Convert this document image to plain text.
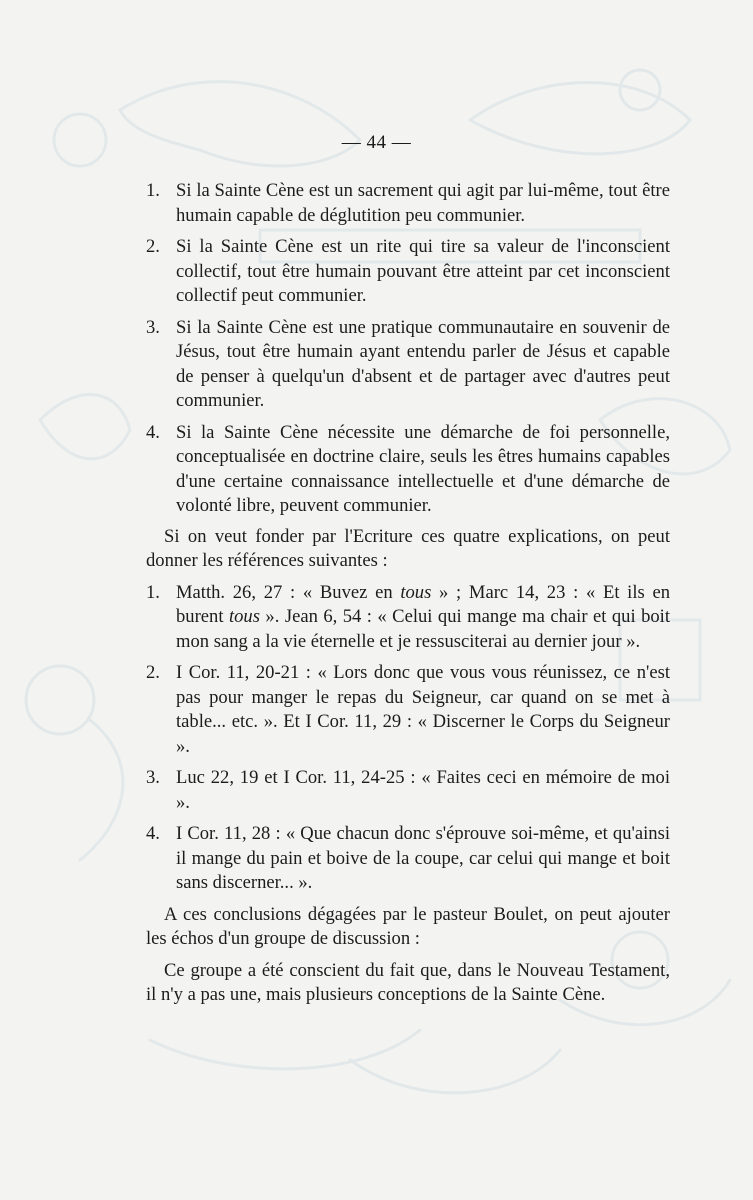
— 44 —
1. Si la Sainte Cène est un sacrement qui agit par lui-même, tout être humain capable de déglutition peu communier.
2. Si la Sainte Cène est un rite qui tire sa valeur de l'inconscient collectif, tout être humain pouvant être atteint par cet inconscient collectif peut communier.
3. Si la Sainte Cène est une pratique communautaire en souvenir de Jésus, tout être humain ayant entendu parler de Jésus et capable de penser à quelqu'un d'absent et de partager avec d'autres peut communier.
4. Si la Sainte Cène nécessite une démarche de foi personnelle, conceptualisée en doctrine claire, seuls les êtres humains capables d'une certaine connaissance intellectuelle et d'une démarche de volonté libre, peuvent communier.

Si on veut fonder par l'Ecriture ces quatre explications, on peut donner les références suivantes :

1. Matth. 26, 27 : « Buvez en tous » ; Marc 14, 23 : « Et ils en burent tous ». Jean 6, 54 : « Celui qui mange ma chair et qui boit mon sang a la vie éternelle et je ressusciterai au dernier jour ».
2. I Cor. 11, 20-21 : « Lors donc que vous vous réunissez, ce n'est pas pour manger le repas du Seigneur, car quand on se met à table... etc. ». Et I Cor. 11, 29 : « Discerner le Corps du Seigneur ».
3. Luc 22, 19 et I Cor. 11, 24-25 : « Faites ceci en mémoire de moi ».
4. I Cor. 11, 28 : « Que chacun donc s'éprouve soi-même, et qu'ainsi il mange du pain et boive de la coupe, car celui qui mange et boit sans discerner... ».

A ces conclusions dégagées par le pasteur Boulet, on peut ajouter les échos d'un groupe de discussion :

Ce groupe a été conscient du fait que, dans le Nouveau Testament, il n'y a pas une, mais plusieurs conceptions de la Sainte Cène.
